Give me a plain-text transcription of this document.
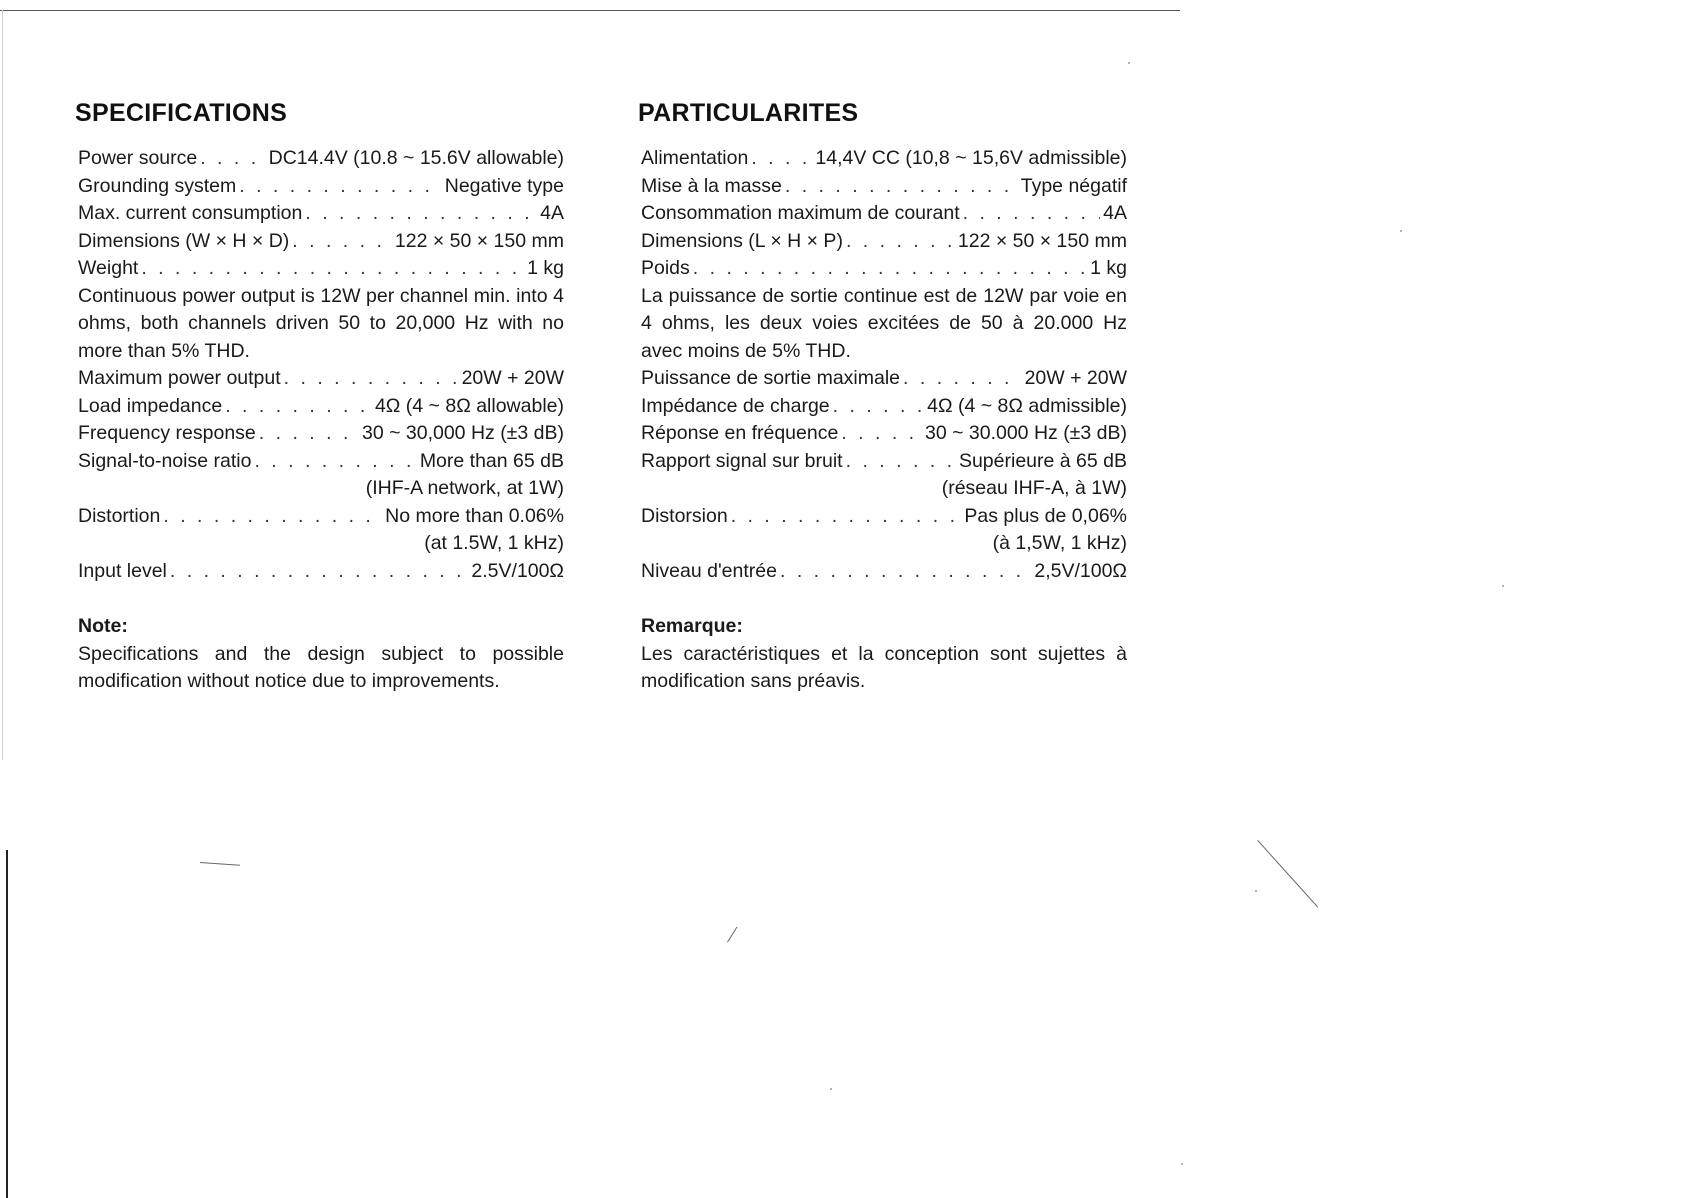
SPECIFICATIONS
Power source . . .	DC14.4V (10.8 ~ 15.6V allowable)
Grounding system . . .	Negative type
Max. current consumption . . .	4A
Dimensions (W × H × D) . . .	122 × 50 × 150 mm
Weight . . .	1 kg
Continuous power output is 12W per channel min. into 4 ohms, both channels driven 50 to 20,000 Hz with no more than 5% THD.
Maximum power output . . .	20W + 20W
Load impedance . . .	4Ω (4 ~ 8Ω allowable)
Frequency response . . .	30 ~ 30,000 Hz (±3 dB)
Signal-to-noise ratio . . .	More than 65 dB
(IHF-A network, at 1W)
Distortion . . .	No more than 0.06%
(at 1.5W, 1 kHz)
Input level . . .	2.5V/100Ω
Note:
Specifications and the design subject to possible modification without notice due to improvements.
PARTICULARITES
Alimentation . . .	14,4V CC (10,8 ~ 15,6V admissible)
Mise à la masse . . .	Type négatif
Consommation maximum de courant . . .	4A
Dimensions (L × H × P) . . .	122 × 50 × 150 mm
Poids . . .	1 kg
La puissance de sortie continue est de 12W par voie en 4 ohms, les deux voies excitées de 50 à 20.000 Hz avec moins de 5% THD.
Puissance de sortie maximale . . .	20W + 20W
Impédance de charge . . .	4Ω (4 ~ 8Ω admissible)
Réponse en fréquence . . .	30 ~ 30.000 Hz (±3 dB)
Rapport signal sur bruit . . .	Supérieure à 65 dB
(réseau IHF-A, à 1W)
Distorsion . . .	Pas plus de 0,06%
(à 1,5W, 1 kHz)
Niveau d'entrée . . .	2,5V/100Ω
Remarque:
Les caractéristiques et la conception sont sujettes à modification sans préavis.
